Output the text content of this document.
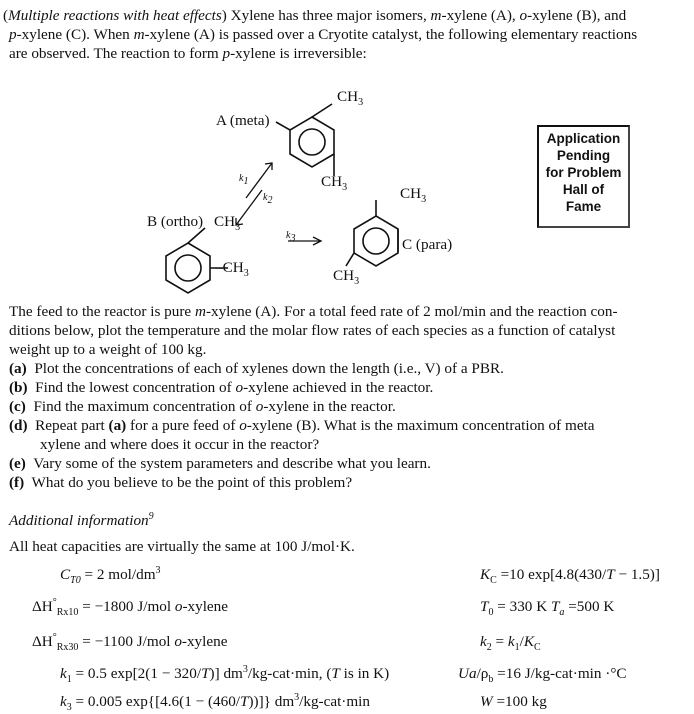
(Multiple reactions with heat effects) Xylene has three major isomers, m-xylene (A), o-xylene (B), and
p-xylene (C). When m-xylene (A) is passed over a Cryotite catalyst, the following elementary reactions
are observed. The reaction to form p-xylene is irreversible:
A (meta)
$CH_3$
$CH_3$	$CH_3$
$CH_3$
C (para)
B (ortho) $CH_3$
$-CH_3$
$k_1$
$k_2$
$k_3$
Application
Pending
for Problem
Hall of
Fame
The feed to the reactor is pure m-xylene (A). For a total feed rate of 2 mol/min and the reaction con-
ditions below, plot the temperature and the molar flow rates of each species as a function of catalyst
weight up to a weight of 100 kg.
(a) Plot the concentrations of each of xylenes down the length (i.e., V) of a PBR.
(b) Find the lowest concentration of o-xylene achieved in the reactor.
(c) Find the maximum concentration of o-xylene in the reactor.
(d) Repeat part (a) for a pure feed of o-xylene (B). What is the maximum concentration of meta
xylene and where does it occur in the reactor?
(e) Vary some of the system parameters and describe what you learn.
(f) What do you believe to be the point of this problem?
Additional information$^9$
All heat capacities are virtually the same at 100 J/mol·K.
$C_{T0} = 2$ mol/$dm^3$	$K_C =10$ exp[4.8(430/T − 1.5)]
$\Delta H^\circ_{Rx10} = -1800$ J/mol o-xylene	$T_0 = 330$ K $T_a =500$ K
$\Delta H^\circ_{Rx30} = -1100$ J/mol o-xylene	$k_2 = k_1/K_C$
$k_1 = 0.5$ exp[2(1 − 320/T)] $dm^3/kg-cat\cdot\min$, (T is in K)	$Ua/\rho_b =16$ J/kg-cat·min ·°C
$k_3 = 0.005$ exp{[4.6(1 − (460/T))]} $dm^3/kg-cat\cdot\min$	W =100 kg
